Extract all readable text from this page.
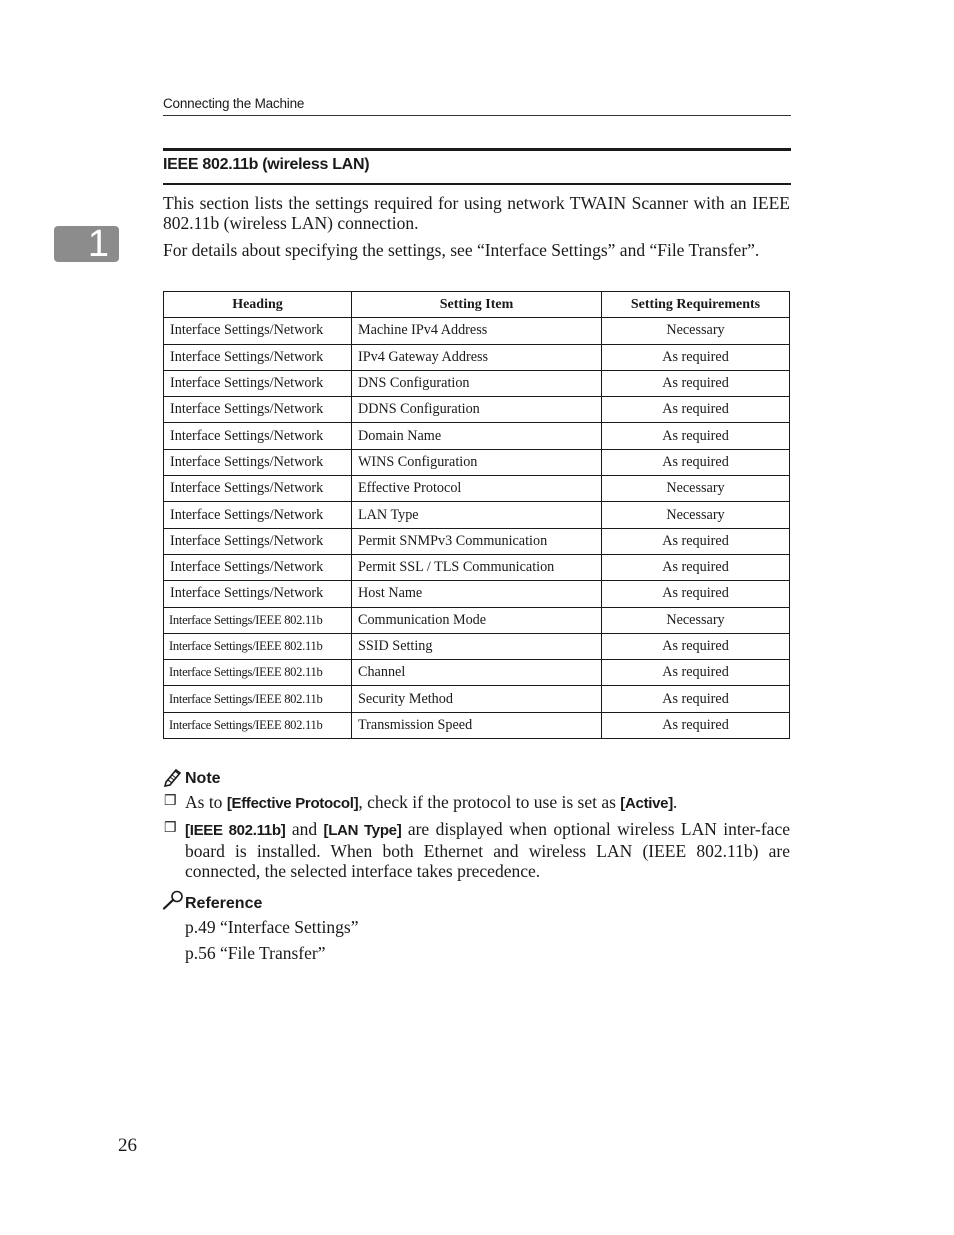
Connecting the Machine
1
IEEE 802.11b (wireless LAN)
This section lists the settings required for using network TWAIN Scanner with an IEEE 802.11b (wireless LAN) connection.
For details about specifying the settings, see “Interface Settings” and “File Transfer”.
Heading	Setting Item	Setting Requirements
Interface Settings/Network	Machine IPv4 Address	Necessary
Interface Settings/Network	IPv4 Gateway Address	As required
Interface Settings/Network	DNS Configuration	As required
Interface Settings/Network	DDNS Configuration	As required
Interface Settings/Network	Domain Name	As required
Interface Settings/Network	WINS Configuration	As required
Interface Settings/Network	Effective Protocol	Necessary
Interface Settings/Network	LAN Type	Necessary
Interface Settings/Network	Permit SNMPv3 Communication	As required
Interface Settings/Network	Permit SSL / TLS Communication	As required
Interface Settings/Network	Host Name	As required
Interface Settings/IEEE 802.11b	Communication Mode	Necessary
Interface Settings/IEEE 802.11b	SSID Setting	As required
Interface Settings/IEEE 802.11b	Channel	As required
Interface Settings/IEEE 802.11b	Security Method	As required
Interface Settings/IEEE 802.11b	Transmission Speed	As required
Note
❒ As to [Effective Protocol], check if the protocol to use is set as [Active].
❒ [IEEE 802.11b] and [LAN Type] are displayed when optional wireless LAN inter-face board is installed. When both Ethernet and wireless LAN (IEEE 802.11b) are connected, the selected interface takes precedence.
Reference
p.49 “Interface Settings”
p.56 “File Transfer”
26
